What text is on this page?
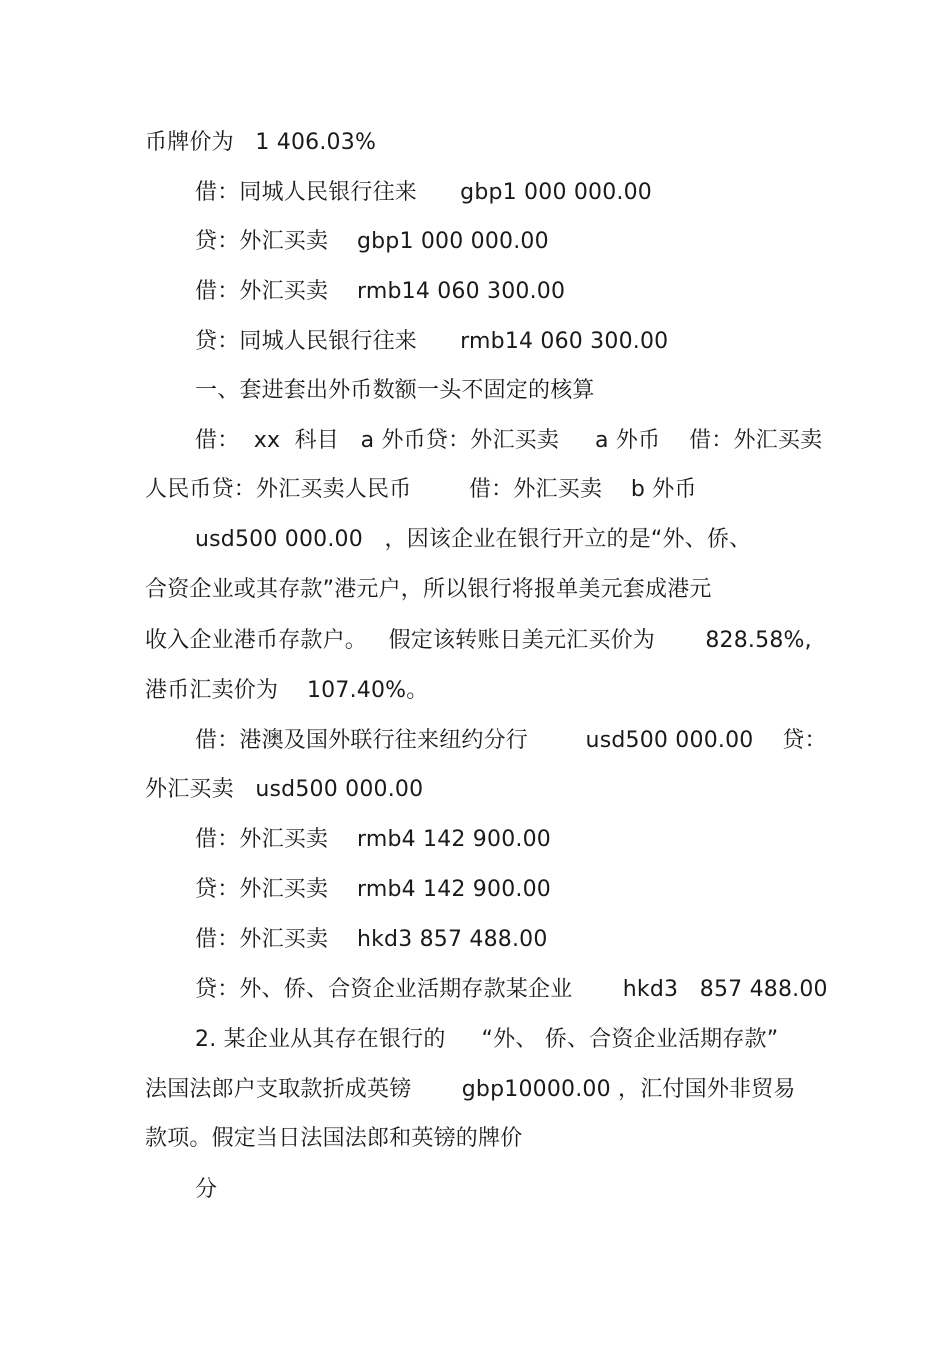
币牌价为   1 406.03%
借：同城人民银行往来      gbp1 000 000.00
贷：外汇买卖    gbp1 000 000.00
借：外汇买卖    rmb14 060 300.00
贷：同城人民银行往来      rmb14 060 300.00
一、套进套出外币数额一头不固定的核算
借：  xx  科目   a 外币贷：外汇买卖     a 外币    借：外汇买卖
人民币贷：外汇买卖人民币        借：外汇买卖    b 外币
usd500 000.00   ，因该企业在银行开立的是“外、侨、
合资企业或其存款”港元户，所以银行将报单美元套成港元
收入企业港币存款户。   假定该转账日美元汇买价为       828.58%,
港币汇卖价为    107.40%。
借：港澳及国外联行往来纽约分行        usd500 000.00    贷：
外汇买卖   usd500 000.00
借：外汇买卖    rmb4 142 900.00
贷：外汇买卖    rmb4 142 900.00
借：外汇买卖    hkd3 857 488.00
贷：外、侨、合资企业活期存款某企业       hkd3   857 488.00
2. 某企业从其存在银行的     “外、 侨、合资企业活期存款”
法国法郎户支取款折成英镑       gbp10000.00 ，汇付国外非贸易
款项。假定当日法国法郎和英镑的牌价
分
